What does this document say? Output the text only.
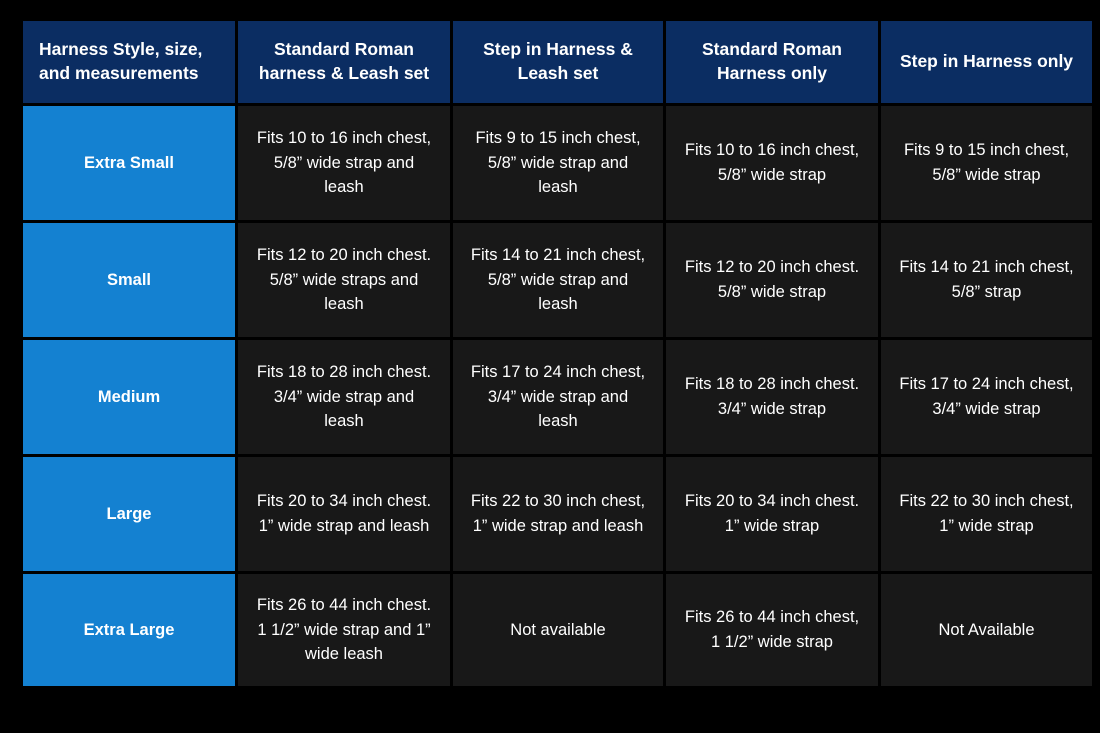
Harness Style, size, and measurements	Standard Roman harness & Leash set	Step in Harness & Leash set	Standard Roman Harness only	Step in Harness only
Extra Small	Fits 10 to 16 inch chest, 5/8” wide strap and leash	Fits 9 to 15 inch chest, 5/8” wide strap and leash	Fits 10 to 16 inch chest, 5/8” wide strap	Fits 9 to 15 inch chest, 5/8” wide strap
Small	Fits 12 to 20 inch chest. 5/8” wide straps and leash	Fits 14 to 21 inch chest, 5/8” wide strap and leash	Fits 12 to 20 inch chest. 5/8” wide strap	Fits 14 to 21 inch chest, 5/8” strap
Medium	Fits 18 to 28 inch chest. 3/4” wide strap and leash	Fits 17 to 24 inch chest, 3/4” wide strap and leash	Fits 18 to 28 inch chest. 3/4” wide strap	Fits 17 to 24 inch chest, 3/4” wide strap
Large	Fits 20 to 34 inch chest. 1” wide strap and leash	Fits 22 to 30 inch chest, 1” wide strap and leash	Fits 20 to 34 inch chest. 1” wide strap	Fits 22 to 30 inch chest, 1” wide strap
Extra Large	Fits 26 to 44 inch chest. 1 1/2” wide strap and 1” wide leash	Not available	Fits 26 to 44 inch chest, 1 1/2” wide strap	Not Available
